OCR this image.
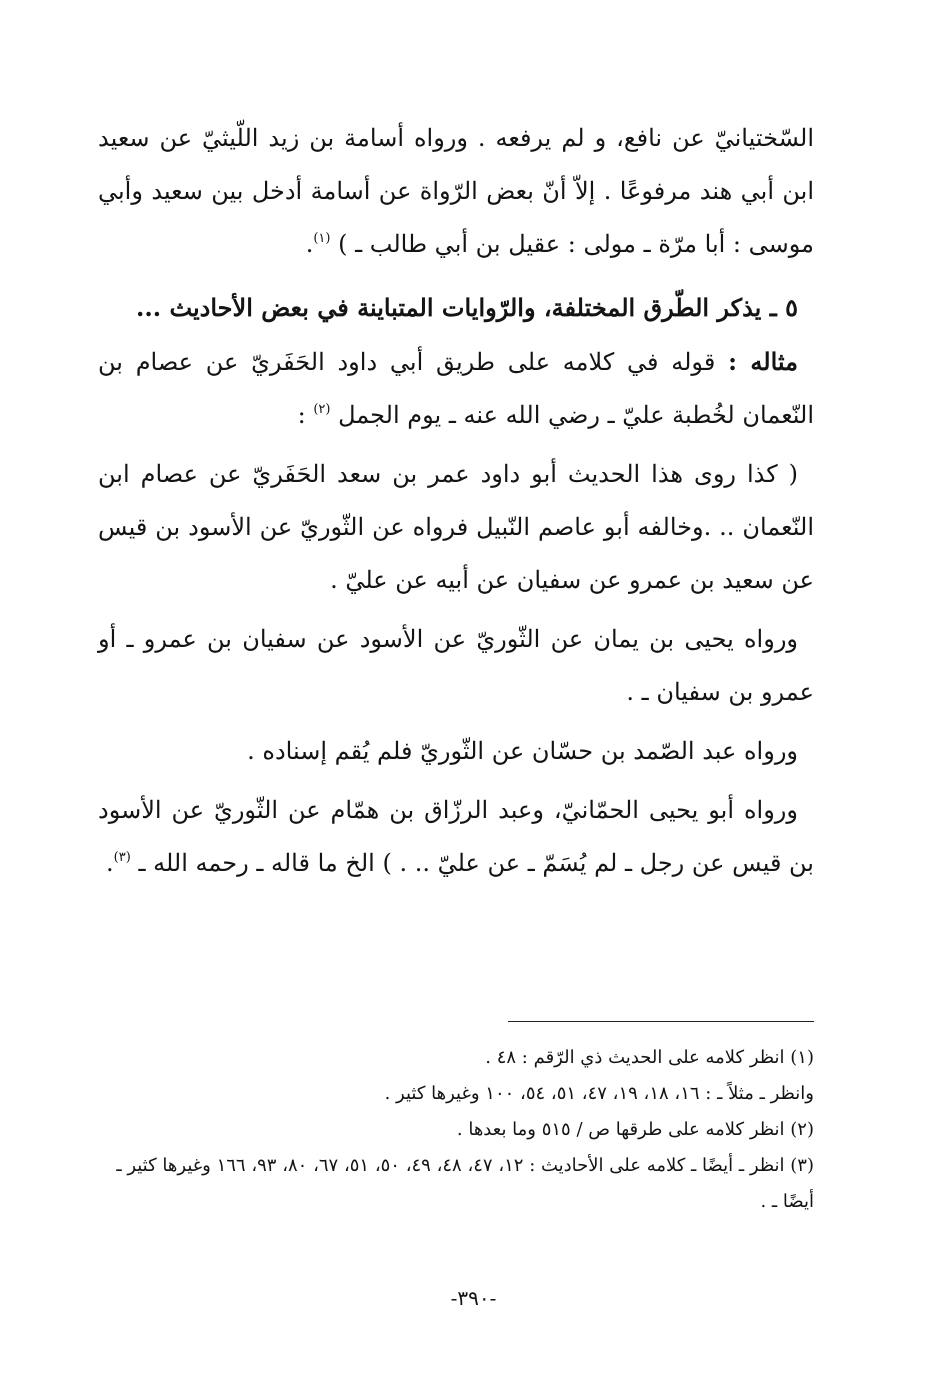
السّختيانيّ عن نافع، و لم يرفعه . ورواه أسامة بن زيد اللّيثيّ عن سعيد ابن أبي هند مرفوعًا . إلاّ أنّ بعض الرّواة عن أسامة أدخل بين سعيد وأبي موسى : أبا مرّة ـ مولى : عقيل بن أبي طالب ـ ) $^{(١)}$.

٥ ـ يذكر الطّرق المختلفة، والرّوايات المتباينة في بعض الأحاديث ...

مثاله : قوله في كلامه على طريق أبي داود الحَفَريّ عن عصام بن النّعمان لخُطبة عليّ ـ رضي الله عنه ـ يوم الجمل $^{(٢)}$ :

( كذا روى هذا الحديث أبو داود عمر بن سعد الحَفَريّ عن عصام ابن النّعمان .. .وخالفه أبو عاصم النّبيل فرواه عن الثّوريّ عن الأسود بن قيس عن سعيد بن عمرو عن سفيان عن أبيه عن عليّ .

ورواه يحيى بن يمان عن الثّوريّ عن الأسود عن سفيان بن عمرو ـ أو عمرو بن سفيان ـ .

ورواه عبد الصّمد بن حسّان عن الثّوريّ فلم يُقم إسناده .

ورواه أبو يحيى الحمّانيّ، وعبد الرزّاق بن همّام عن الثّوريّ عن الأسود بن قيس عن رجل ـ لم يُسَمّ ـ عن عليّ .. . ) الخ ما قاله ـ رحمه الله ـ $^{(٣)}$.

(١) انظر كلامه على الحديث ذي الرّقم : ٤٨ .

وانظر ـ مثلاً ـ : ١٦، ١٨، ١٩، ٤٧، ٥١، ٥٤، ١٠٠ وغيرها كثير .

(٢) انظر كلامه على طرقها ص / ٥١٥ وما بعدها .

(٣) انظر ـ أيضًا ـ كلامه على الأحاديث : ١٢، ٤٧، ٤٨، ٤٩، ٥٠، ٥١، ٦٧، ٨٠، ٩٣، ١٦٦ وغيرها كثير ـ أيضًا ـ .

-٣٩٠-
